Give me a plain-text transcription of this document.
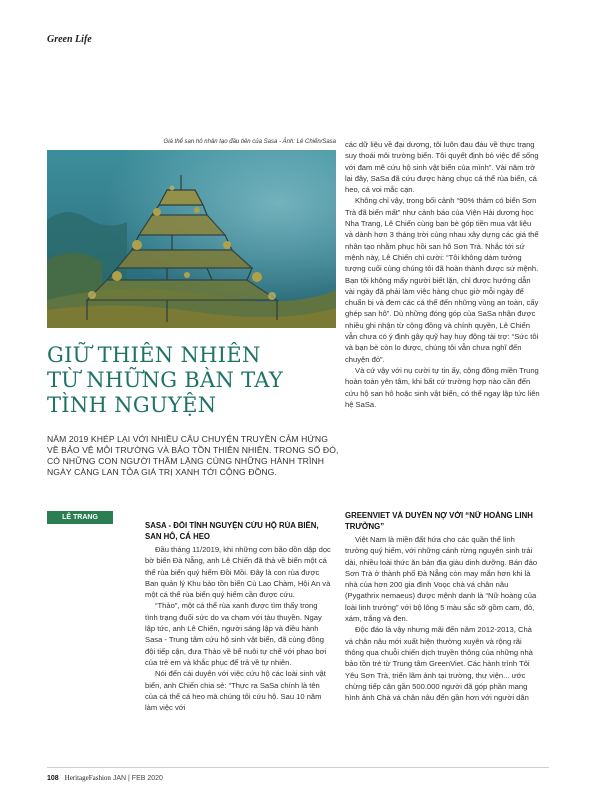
Green Life
Giá thể san hô nhân tạo đầu tiên của Sasa - Ảnh: Lê Chiến/Sasa
GIỮ THIÊN NHIÊN
TỪ NHỮNG BÀN TAY
TÌNH NGUYỆN

NĂM 2019 KHÉP LẠI VỚI NHIỀU CÂU CHUYỆN TRUYỀN CẢM HỨNG VỀ BẢO VỆ MÔI TRƯỜNG VÀ BẢO TỒN THIÊN NHIÊN. TRONG SỐ ĐÓ, CÓ NHỮNG CON NGƯỜI THẦM LẶNG CÙNG NHỮNG HÀNH TRÌNH NGÀY CÀNG LAN TỎA GIÁ TRỊ XANH TỚI CỘNG ĐỒNG.

LÊ TRANG
SASA - ĐÔI TÌNH NGUYỆN CỨU HỘ RÙA BIỂN, SAN HÔ, CÁ HEO

Đầu tháng 11/2019, khi những cơn bão dồn dập dọc bờ biển Đà Nẵng, anh Lê Chiến đã thả về biển một cá thể rùa biển quý hiếm Đồi Mồi. Đây là con rùa được Ban quản lý Khu bảo tồn biển Cù Lao Chàm, Hội An và một cá thể rùa biển quý hiếm cần được cứu.

“Thảo”, một cá thể rùa xanh được tìm thấy trong tình trạng đuối sức do va chạm với tàu thuyền. Ngay lập tức, anh Lê Chiến, người sáng lập và điều hành Sasa - Trung tâm cứu hộ sinh vật biển, đã cùng đồng đội tiếp cận, đưa Thảo về bể nuôi tự chế với phao bơi của trẻ em và khắc phục để trả về tự nhiên.

Nói đến cái duyên với việc cứu hộ các loài sinh vật biển, anh Chiến chia sẻ: “Thực ra SaSa chính là tên của cá thể cá heo mà chúng tôi cứu hộ. Sau 10 năm làm việc với

các dữ liệu về đại dương, tôi luôn đau đáu về thực trạng suy thoái môi trường biển. Tôi quyết định bỏ việc để sống với đam mê cứu hộ sinh vật biển của mình”. Vài năm trở lại đây, SaSa đã cứu được hàng chục cá thể rùa biển, cá heo, cá voi mắc cạn.

Không chỉ vậy, trong bối cảnh “90% thảm có biển Sơn Trà đã biến mất” như cảnh báo của Viện Hải dương học Nha Trang, Lê Chiến cùng bạn bè góp tiền mua vật liệu và dành hơn 3 tháng trời cùng nhau xây dựng các giá thể nhân tạo nhằm phục hồi san hô Sơn Trà. Nhắc tới sứ mệnh này, Lê Chiến chỉ cười: “Tôi không dám tưởng tượng cuối cùng chúng tôi đã hoàn thành được sứ mệnh. Bạn tôi không mấy người biết lặn, chỉ được hướng dẫn vài ngày đã phải làm việc hàng chục giờ mỗi ngày để chuẩn bị và đem các cá thể đến những vùng an toàn, cấy ghép san hô”. Dù những đóng góp của SaSa nhận được nhiều ghi nhận từ cộng đồng và chính quyền, Lê Chiến vẫn chưa có ý định gây quỹ hay huy động tài trợ: “Sức tôi và bạn bè còn lo được, chúng tôi vẫn chưa nghĩ đến chuyện đó”.

Và cứ vậy với nụ cười tự tin ấy, cộng đồng miền Trung hoàn toàn yên tâm, khi bất cứ trường hợp nào cần đến cứu hộ san hô hoặc sinh vật biển, có thể ngay lập tức liên hệ SaSa.

GREENVIET VÀ DUYÊN NỢ VỚI “NỮ HOÀNG LINH TRƯỞNG”

Việt Nam là miền đất hứa cho các quần thể linh trưởng quý hiếm, với những cánh rừng nguyên sinh trải dài, nhiều loài thức ăn bản địa giàu dinh dưỡng. Bán đảo Sơn Trà ở thành phố Đà Nẵng còn may mắn hơn khi là nhà của hơn 200 gia đình Voọc chà vá chân nâu (Pygathrix nemaeus) được mệnh danh là “Nữ hoàng của loài linh trưởng” với bộ lông 5 màu sắc sỡ gồm cam, đỏ, xám, trắng và đen.

Độc đáo là vậy nhưng mãi đến năm 2012-2013, Chà vá chân nâu mới xuất hiện thường xuyên và rộng rãi thông qua chuỗi chiến dịch truyền thông của những nhà bảo tồn trẻ từ Trung tâm GreenViet. Các hành trình Tôi Yêu Sơn Trà, triển lãm ảnh tại trường, thư viện... ước chừng tiếp cận gần 500.000 người đã góp phần mang hình ảnh Chà vá chân nâu đến gần hơn với người dân

108 HeritageFashion JAN | FEB 2020
